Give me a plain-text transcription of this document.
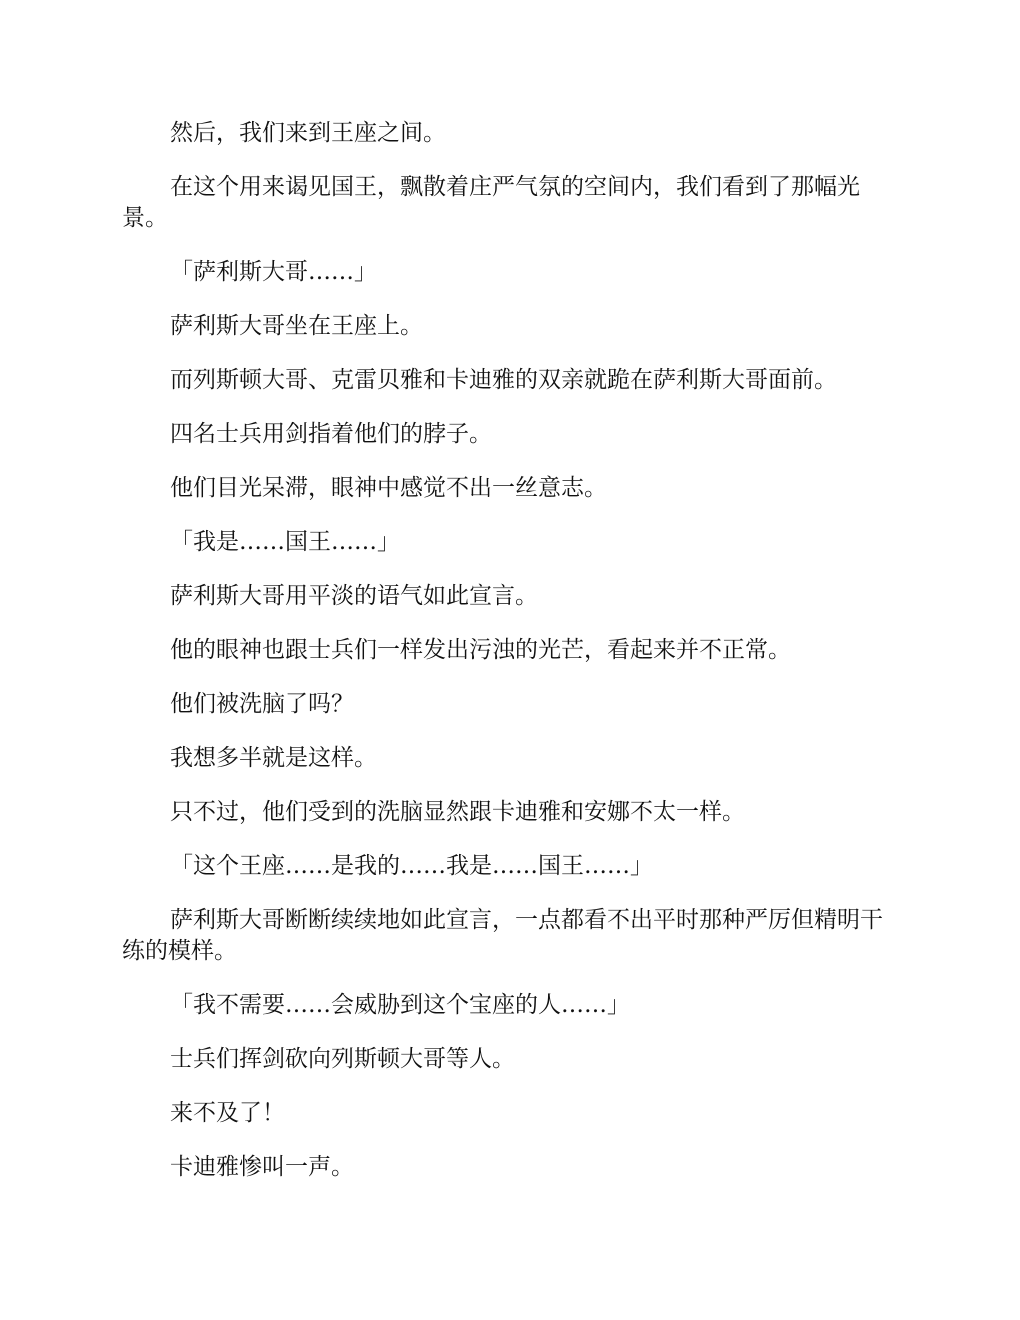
然后，我们来到王座之间。

在这个用来谒见国王，飘散着庄严气氛的空间内，我们看到了那幅光景。

「萨利斯大哥……」

萨利斯大哥坐在王座上。

而列斯顿大哥、克雷贝雅和卡迪雅的双亲就跪在萨利斯大哥面前。

四名士兵用剑指着他们的脖子。

他们目光呆滞，眼神中感觉不出一丝意志。

「我是……国王……」

萨利斯大哥用平淡的语气如此宣言。

他的眼神也跟士兵们一样发出污浊的光芒，看起来并不正常。

他们被洗脑了吗？

我想多半就是这样。

只不过，他们受到的洗脑显然跟卡迪雅和安娜不太一样。

「这个王座……是我的……我是……国王……」

萨利斯大哥断断续续地如此宣言，一点都看不出平时那种严厉但精明干练的模样。

「我不需要……会威胁到这个宝座的人……」

士兵们挥剑砍向列斯顿大哥等人。

来不及了！

卡迪雅惨叫一声。
